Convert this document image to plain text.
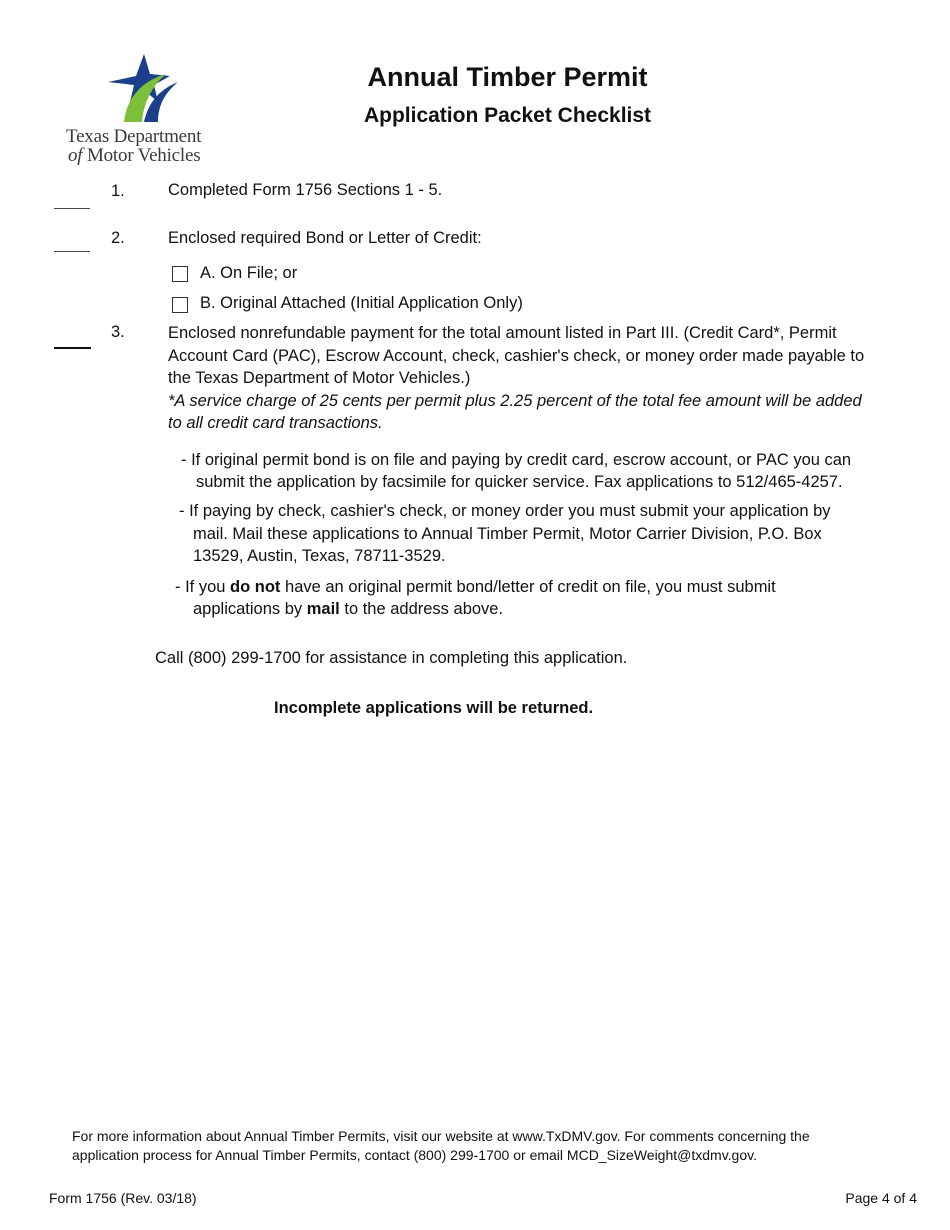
Texas Department
of Motor Vehicles
Annual Timber Permit
Application Packet Checklist
1.	Completed Form 1756 Sections 1 - 5.
2.	Enclosed required Bond or Letter of Credit:
A. On File; or
B. Original Attached (Initial Application Only)
3.	Enclosed nonrefundable payment for the total amount listed in Part III. (Credit Card*, Permit
Account Card (PAC), Escrow Account, check, cashier's check, or money order made payable to
the Texas Department of Motor Vehicles.)
*A service charge of 25 cents per permit plus 2.25 percent of the total fee amount will be added
to all credit card transactions.
- If original permit bond is on file and paying by credit card, escrow account, or PAC you can
submit the application by facsimile for quicker service. Fax applications to 512/465-4257.
- If paying by check, cashier's check, or money order you must submit your application by
mail. Mail these applications to Annual Timber Permit, Motor Carrier Division, P.O. Box
13529, Austin, Texas, 78711-3529.
- If you do not have an original permit bond/letter of credit on file, you must submit
applications by mail to the address above.
Call (800) 299-1700 for assistance in completing this application.
Incomplete applications will be returned.
For more information about Annual Timber Permits, visit our website at www.TxDMV.gov. For comments concerning the
application process for Annual Timber Permits, contact (800) 299-1700 or email MCD_SizeWeight@txdmv.gov.
Form 1756 (Rev. 03/18)	Page 4 of 4
